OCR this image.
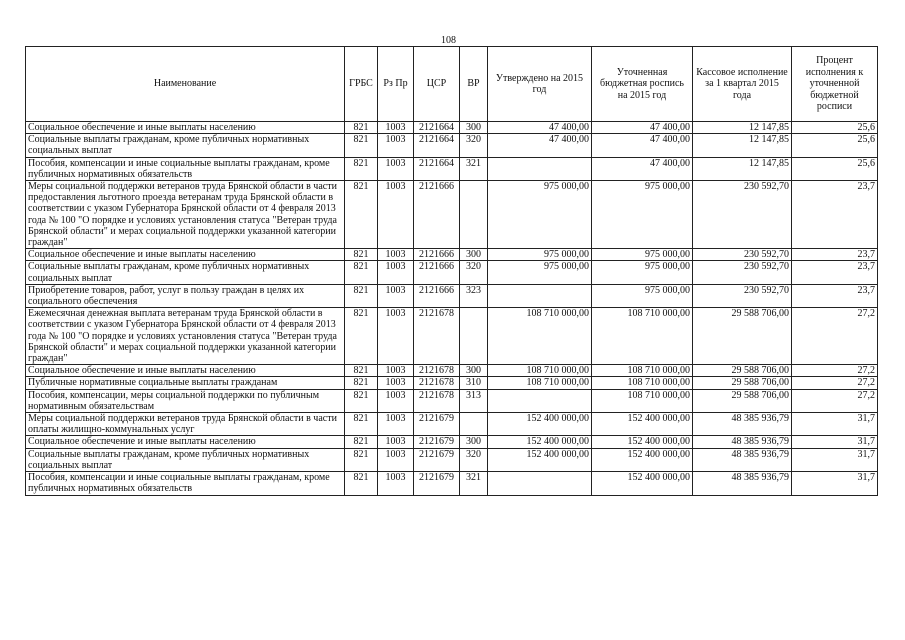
108
Наименование	ГРБС	Рз Пр	ЦСР	ВР	Утверждено на 2015 год	Уточненная бюджетная роспись на 2015 год	Кассовое исполнение за 1 квартал 2015 года	Процент исполнения к уточненной бюджетной росписи
Социальное обеспечение и иные выплаты населению	821	1003	2121664	300	47 400,00	47 400,00	12 147,85	25,6
Социальные выплаты гражданам, кроме публичных нормативных социальных выплат	821	1003	2121664	320	47 400,00	47 400,00	12 147,85	25,6
Пособия, компенсации и иные социальные выплаты гражданам, кроме публичных нормативных обязательств	821	1003	2121664	321		47 400,00	12 147,85	25,6
Меры социальной поддержки ветеранов труда Брянской области в части предоставления льготного проезда ветеранам труда Брянской области в соответствии с указом Губернатора Брянской области от 4 февраля 2013 года № 100 "О порядке и условиях установления статуса "Ветеран труда Брянской области" и мерах социальной поддержки указанной категории граждан"	821	1003	2121666		975 000,00	975 000,00	230 592,70	23,7
Социальное обеспечение и иные выплаты населению	821	1003	2121666	300	975 000,00	975 000,00	230 592,70	23,7
Социальные выплаты гражданам, кроме публичных нормативных социальных выплат	821	1003	2121666	320	975 000,00	975 000,00	230 592,70	23,7
Приобретение товаров, работ, услуг в пользу граждан в целях их социального обеспечения	821	1003	2121666	323		975 000,00	230 592,70	23,7
Ежемесячная денежная выплата ветеранам труда Брянской области в соответствии с указом Губернатора Брянской области от 4 февраля 2013 года № 100 "О порядке и условиях установления статуса "Ветеран труда Брянской области" и мерах социальной поддержки указанной категории граждан"	821	1003	2121678		108 710 000,00	108 710 000,00	29 588 706,00	27,2
Социальное обеспечение и иные выплаты населению	821	1003	2121678	300	108 710 000,00	108 710 000,00	29 588 706,00	27,2
Публичные нормативные социальные выплаты гражданам	821	1003	2121678	310	108 710 000,00	108 710 000,00	29 588 706,00	27,2
Пособия, компенсации, меры социальной поддержки по публичным нормативным обязательствам	821	1003	2121678	313		108 710 000,00	29 588 706,00	27,2
Меры социальной поддержки ветеранов труда Брянской области в части оплаты жилищно-коммунальных услуг	821	1003	2121679		152 400 000,00	152 400 000,00	48 385 936,79	31,7
Социальное обеспечение и иные выплаты населению	821	1003	2121679	300	152 400 000,00	152 400 000,00	48 385 936,79	31,7
Социальные выплаты гражданам, кроме публичных нормативных социальных выплат	821	1003	2121679	320	152 400 000,00	152 400 000,00	48 385 936,79	31,7
Пособия, компенсации и иные социальные выплаты гражданам, кроме публичных нормативных обязательств	821	1003	2121679	321		152 400 000,00	48 385 936,79	31,7
